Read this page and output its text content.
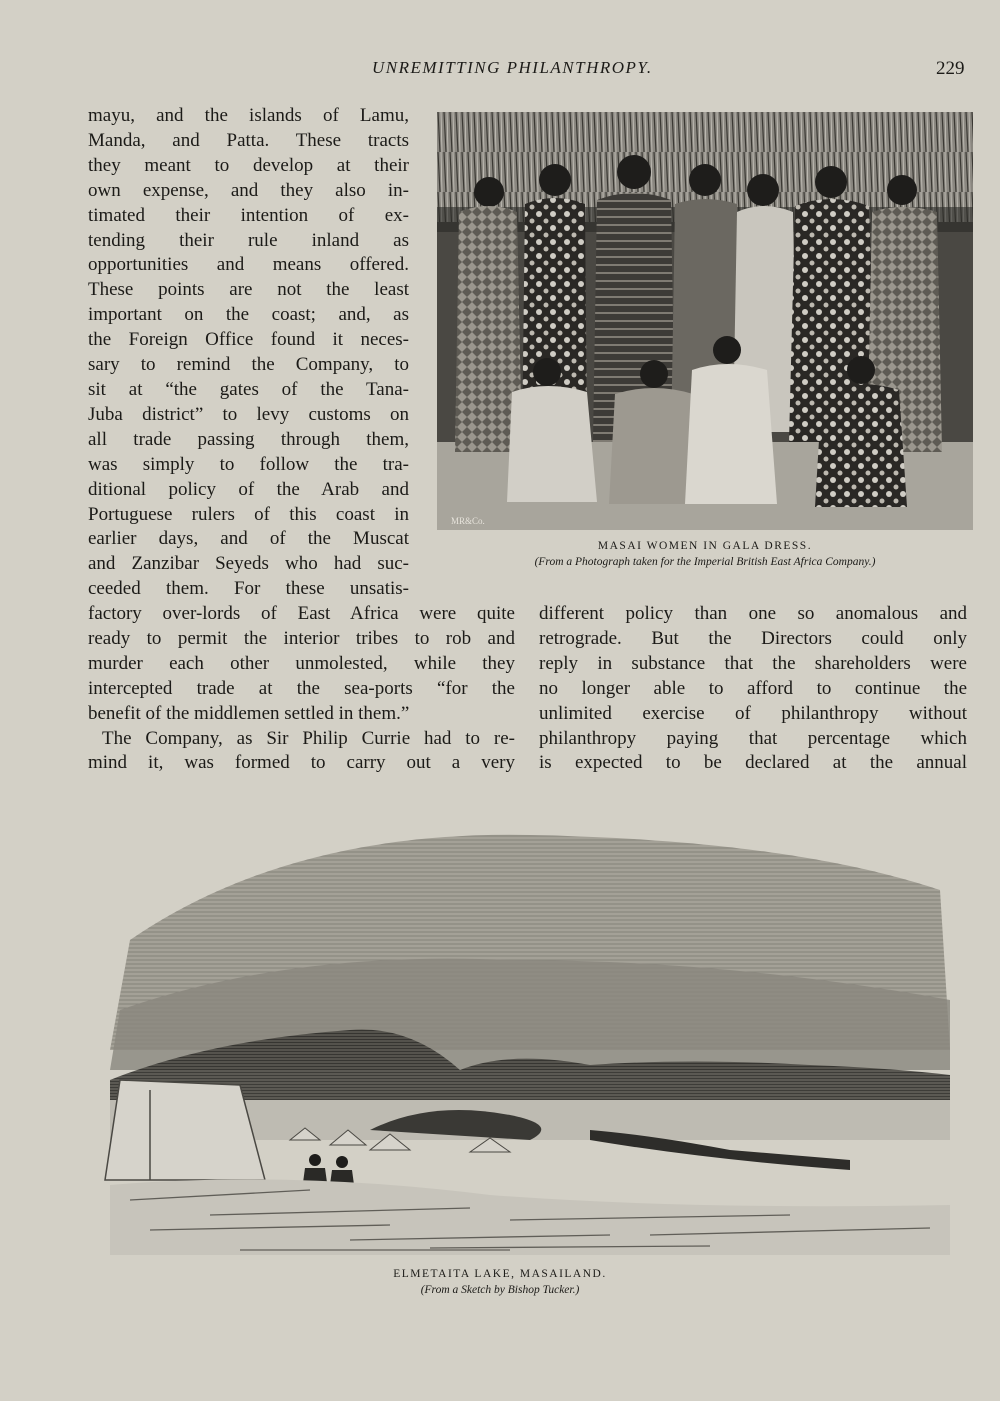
UNREMITTING PHILANTHROPY.	229
mayu, and the islands of Lamu,
Manda, and Patta. These tracts
they meant to develop at their
own expense, and they also in-
timated their intention of ex-
tending their rule inland as
opportunities and means offered.
These points are not the least
important on the coast; and, as
the Foreign Office found it neces-
sary to remind the Company, to
sit at “the gates of the Tana-
Juba district” to levy customs on
all trade passing through them,
was simply to follow the tra-
ditional policy of the Arab and
Portuguese rulers of this coast in
earlier days, and of the Muscat
and Zanzibar Seyeds who had suc-
ceeded them. For these unsatis-
MR&Co.
MASAI WOMEN IN GALA DRESS.
(From a Photograph taken for the Imperial British East Africa Company.)
factory over-lords of East Africa were quite
ready to permit the interior tribes to rob and
murder each other unmolested, while they
intercepted trade at the sea-ports “for the
benefit of the middlemen settled in them.”
The Company, as Sir Philip Currie had to re-
mind it, was formed to carry out a very
different policy than one so anomalous and
retrograde. But the Directors could only
reply in substance that the shareholders were
no longer able to afford to continue the
unlimited exercise of philanthropy without
philanthropy paying that percentage which
is expected to be declared at the annual
ELMETAITA LAKE, MASAILAND.
(From a Sketch by Bishop Tucker.)
